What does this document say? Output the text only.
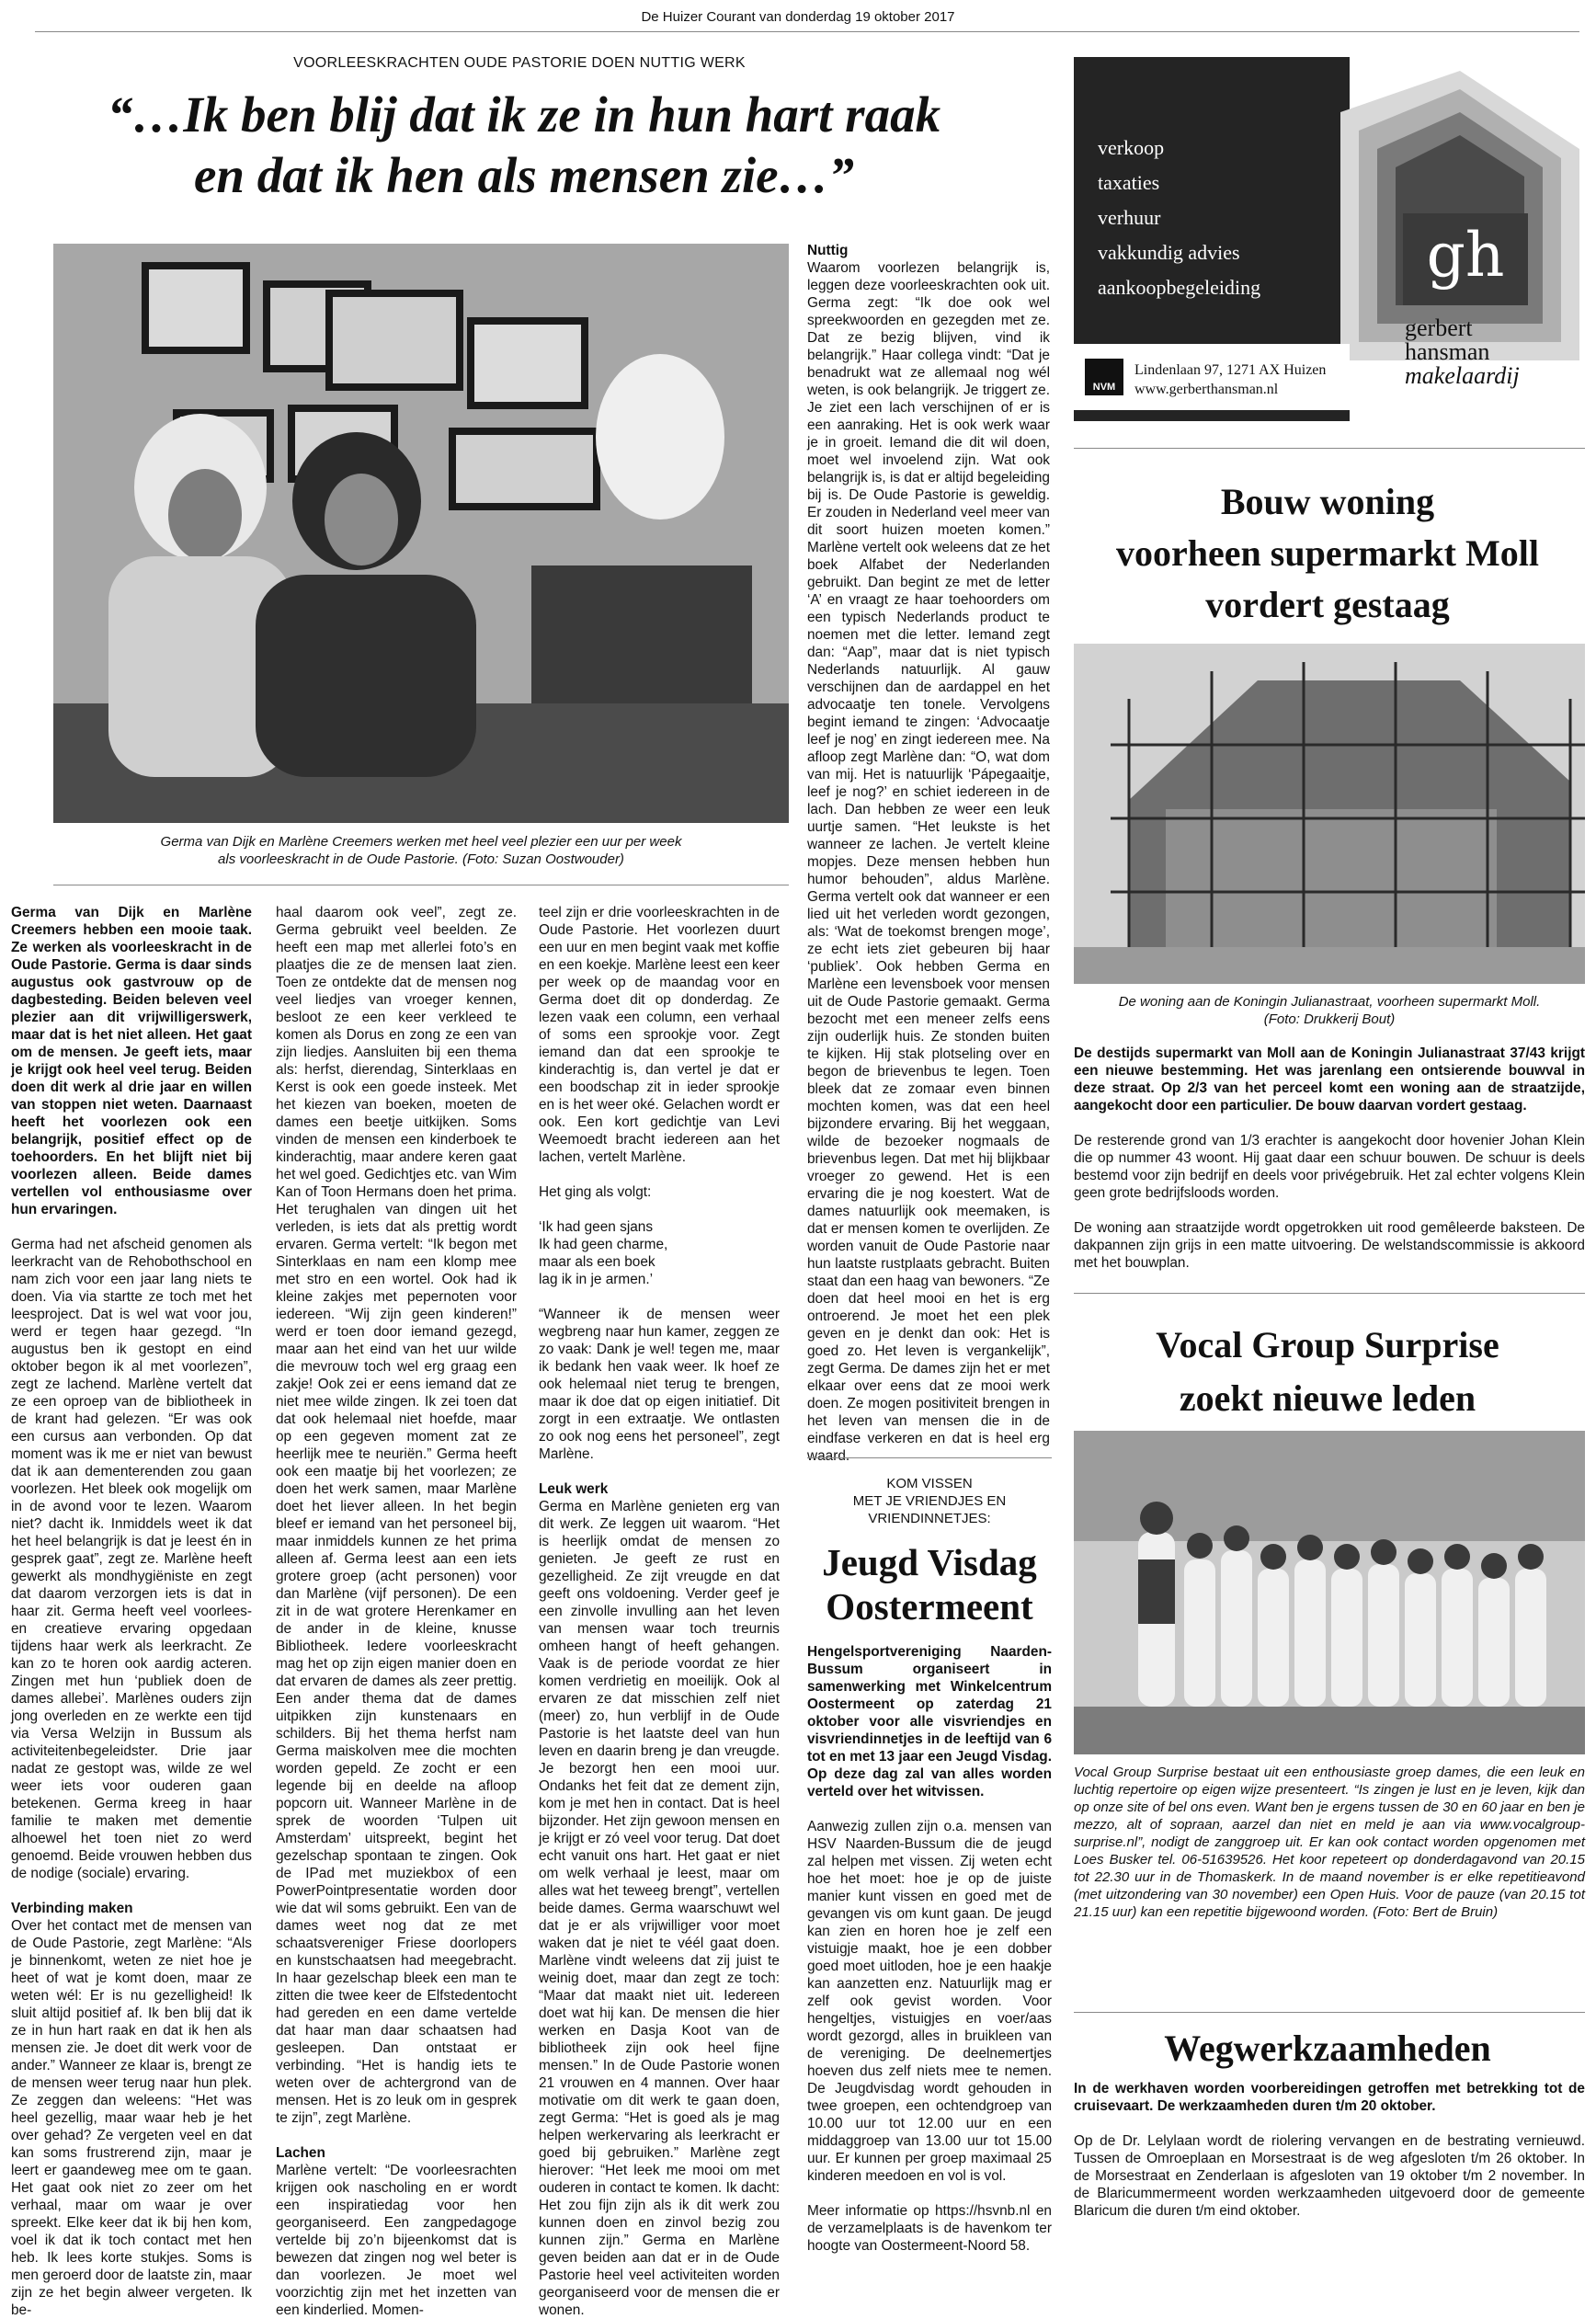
De Huizer Courant van donderdag 19 oktober 2017
VOORLEESKRACHTEN OUDE PASTORIE DOEN NUTTIG WERK
“…Ik ben blij dat ik ze in hun hart raak
en dat ik hen als mensen zie…”
Germa van Dijk en Marlène Creemers werken met heel veel plezier een uur per week
als voorleeskracht in de Oude Pastorie. (Foto: Suzan Oostwouder)

Germa van Dijk en Marlène Creemers hebben een mooie taak. Ze werken als voorleeskracht in de Oude Pastorie. Germa is daar sinds augustus ook gastvrouw op de dagbesteding. Beiden beleven veel plezier aan dit vrijwilligerswerk, maar dat is het niet alleen. Het gaat om de mensen. Je geeft iets, maar je krijgt ook heel veel terug. Beiden doen dit werk al drie jaar en willen van stoppen niet weten. Daarnaast heeft het voorlezen ook een belangrijk, positief effect op de toehoorders. En het blijft niet bij voorlezen alleen. Beide dames vertellen vol enthousiasme over hun ervaringen.

Germa had net afscheid genomen als leerkracht van de Rehobothschool en nam zich voor een jaar lang niets te doen. Via via startte ze toch met het leesproject. Dat is wel wat voor jou, werd er tegen haar gezegd. “In augustus ben ik gestopt en eind oktober begon ik al met voorlezen”, zegt ze lachend. Marlène vertelt dat ze een oproep van de bibliotheek in de krant had gelezen. “Er was ook een cursus aan verbonden. Op dat moment was ik me er niet van bewust dat ik aan dementerenden zou gaan voorlezen. Het bleek ook mogelijk om in de avond voor te lezen. Waarom niet? dacht ik. Inmiddels weet ik dat het heel belangrijk is dat je leest én in gesprek gaat”, zegt ze. Marlène heeft gewerkt als mondhygiëniste en zegt dat daarom verzorgen iets is dat in haar zit. Germa heeft veel voorlees- en creatieve ervaring opgedaan tijdens haar werk als leerkracht. Ze kan zo te horen ook aardig acteren. Zingen met hun ‘publiek doen de dames allebei’. Marlènes ouders zijn jong overleden en ze werkte een tijd via Versa Welzijn in Bussum als activiteitenbegeleidster. Drie jaar nadat ze gestopt was, wilde ze wel weer iets voor ouderen gaan betekenen. Germa kreeg in haar familie te maken met dementie alhoewel het toen niet zo werd genoemd. Beide vrouwen hebben dus de nodige (sociale) ervaring.

Verbinding maken

Over het contact met de mensen van de Oude Pastorie, zegt Marlène: “Als je binnenkomt, weten ze niet hoe je heet of wat je komt doen, maar ze weten wél: Er is nu gezelligheid! Ik sluit altijd positief af. Ik ben blij dat ik ze in hun hart raak en dat ik hen als mensen zie. Je doet dit werk voor de ander.” Wanneer ze klaar is, brengt ze de mensen weer terug naar hun plek. Ze zeggen dan weleens: “Het was heel gezellig, maar waar heb je het over gehad? Ze vergeten veel en dat kan soms frustrerend zijn, maar je leert er gaandeweg mee om te gaan. Het gaat ook niet zo zeer om het verhaal, maar om waar je over spreekt. Elke keer dat ik bij hen kom, voel ik dat ik toch contact met hen heb. Ik lees korte stukjes. Soms is men geroerd door de laatste zin, maar zijn ze het begin alweer vergeten. Ik be-

haal daarom ook veel”, zegt ze. Germa gebruikt veel beelden. Ze heeft een map met allerlei foto’s en plaatjes die ze de mensen laat zien. Toen ze ontdekte dat de mensen nog veel liedjes van vroeger kennen, besloot ze een keer verkleed te komen als Dorus en zong ze een van zijn liedjes. Aansluiten bij een thema als: herfst, dierendag, Sinterklaas en Kerst is ook een goede insteek. Met het kiezen van boeken, moeten de dames een beetje uitkijken. Soms vinden de mensen een kinderboek te kinderachtig, maar andere keren gaat het wel goed. Gedichtjes etc. van Wim Kan of Toon Hermans doen het prima. Het terughalen van dingen uit het verleden, is iets dat als prettig wordt ervaren. Germa vertelt: “Ik begon met Sinterklaas en nam een klomp mee met stro en een wortel. Ook had ik kleine zakjes met pepernoten voor iedereen. “Wij zijn geen kinderen!” werd er toen door iemand gezegd, maar aan het eind van het uur wilde die mevrouw toch wel erg graag een zakje! Ook zei er eens iemand dat ze niet mee wilde zingen. Ik zei toen dat dat ook helemaal niet hoefde, maar op een gegeven moment zat ze heerlijk mee te neuriën.” Germa heeft ook een maatje bij het voorlezen; ze doen het werk samen, maar Marlène doet het liever alleen. In het begin bleef er iemand van het personeel bij, maar inmiddels kunnen ze het prima alleen af. Germa leest aan een iets grotere groep (acht personen) voor dan Marlène (vijf personen). De een zit in de wat grotere Herenkamer en de ander in de kleine, knusse Bibliotheek. Iedere voorleeskracht mag het op zijn eigen manier doen en dat ervaren de dames als zeer prettig. Een ander thema dat de dames uitpikken zijn kunstenaars en schilders. Bij het thema herfst nam Germa maiskolven mee die mochten worden gepeld. Ze zocht er een legende bij en deelde na afloop popcorn uit. Wanneer Marlène in de sprek de woorden ‘Tulpen uit Amsterdam’ uitspreekt, begint het gezelschap spontaan te zingen. Ook de IPad met muziekbox of een PowerPointpresentatie worden door wie dat wil soms gebruikt. Een van de dames weet nog dat ze met schaatsvereniger Friese doorlopers en kunstschaatsen had meegebracht. In haar gezelschap bleek een man te zitten die twee keer de Elfstedentocht had gereden en een dame vertelde dat haar man daar schaatsen had gesleepen. Dan ontstaat er verbinding. “Het is handig iets te weten over de achtergrond van de mensen. Het is zo leuk om in gesprek te zijn”, zegt Marlène.

Lachen

Marlène vertelt: “De voorleesrachten krijgen ook nascholing en er wordt een inspiratiedag voor hen georganiseerd. Een zangpedagoge vertelde bij zo’n bijeenkomst dat is bewezen dat zingen nog wel beter is dan voorlezen. Je moet wel voorzichtig zijn met het inzetten van een kinderlied. Momen-

teel zijn er drie voorleeskrachten in de Oude Pastorie. Het voorlezen duurt een uur en men begint vaak met koffie en een koekje. Marlène leest een keer per week op de maandag voor en Germa doet dit op donderdag. Ze lezen vaak een column, een verhaal of soms een sprookje voor. Zegt iemand dan dat een sprookje te kinderachtig is, dan vertel je dat er een boodschap zit in ieder sprookje en is het weer oké. Gelachen wordt er ook. Een kort gedichtje van Levi Weemoedt bracht iedereen aan het lachen, vertelt Marlène.

Het ging als volgt:

‘Ik had geen sjans
Ik had geen charme,
maar als een boek
lag ik in je armen.’

“Wanneer ik de mensen weer wegbreng naar hun kamer, zeggen ze zo vaak: Dank je wel! tegen me, maar ik bedank hen vaak weer. Ik hoef ze ook helemaal niet terug te brengen, maar ik doe dat op eigen initiatief. Dit zorgt in een extraatje. We ontlasten zo ook nog eens het personeel”, zegt Marlène.

Leuk werk

Germa en Marlène genieten erg van dit werk. Ze leggen uit waarom. “Het is heerlijk omdat de mensen zo genieten. Je geeft ze rust en gezelligheid. Ze zijt vreugde en dat geeft ons voldoening. Verder geef je een zinvolle invulling aan het leven van mensen waar toch treurnis omheen hangt of heeft gehangen. Vaak is de periode voordat ze hier komen verdrietig en moeilijk. Ook al ervaren ze dat misschien zelf niet (meer) zo, hun verblijf in de Oude Pastorie is het laatste deel van hun leven en daarin breng je dan vreugde. Je bezorgt hen een mooi uur. Ondanks het feit dat ze dement zijn, kom je met hen in contact. Dat is heel bijzonder. Het zijn gewoon mensen en je krijgt er zó veel voor terug. Dat doet echt vanuit ons hart. Het gaat er niet om welk verhaal je leest, maar om alles wat het teweeg brengt”, vertellen beide dames. Germa waarschuwt wel dat je er als vrijwilliger voor moet waken dat je niet te véél gaat doen. Marlène vindt weleens dat zij juist te weinig doet, maar dan zegt ze toch: “Maar dat maakt niet uit. Iedereen doet wat hij kan. De mensen die hier werken en Dasja Koot van de bibliotheek zijn ook heel fijne mensen.” In de Oude Pastorie wonen 21 vrouwen en 4 mannen. Over haar motivatie om dit werk te gaan doen, zegt Germa: “Het is goed als je mag helpen werkervaring als leerkracht er goed bij gebruiken.” Marlène zegt hierover: “Het leek me mooi om met ouderen in contact te komen. Ik dacht: Het zou fijn zijn als ik dit werk zou kunnen doen en zinvol bezig zou kunnen zijn.” Germa en Marlène geven beiden aan dat er in de Oude Pastorie heel veel activiteiten worden georganiseerd voor de mensen die er wonen.

Nuttig

Waarom voorlezen belangrijk is, leggen deze voorleeskrachten ook uit. Germa zegt: “Ik doe ook wel spreekwoorden en gezegden met ze. Dat ze bezig blijven, vind ik belangrijk.” Haar collega vindt: “Dat je benadrukt wat ze allemaal nog wél weten, is ook belangrijk. Je triggert ze. Je ziet een lach verschijnen of er is een aanraking. Het is ook werk waar je in groeit. Iemand die dit wil doen, moet wel invoelend zijn. Wat ook belangrijk is, is dat er altijd begeleiding bij is. De Oude Pastorie is geweldig. Er zouden in Nederland veel meer van dit soort huizen moeten komen.” Marlène vertelt ook weleens dat ze het boek Alfabet der Nederlanden gebruikt. Dan begint ze met de letter ‘A’ en vraagt ze haar toehoorders om een typisch Nederlands product te noemen met die letter. Iemand zegt dan: “Aap”, maar dat is niet typisch Nederlands natuurlijk. Al gauw verschijnen dan de aardappel en het advocaatje ten tonele. Vervolgens begint iemand te zingen: ‘Advocaatje leef je nog’ en zingt iedereen mee. Na afloop zegt Marlène dan: “O, wat dom van mij. Het is natuurlijk ‘Pápegaaitje, leef je nog?’ en schiet iedereen in de lach. Dan hebben ze weer een leuk uurtje samen. “Het leukste is het wanneer ze lachen. Je vertelt kleine mopjes. Deze mensen hebben hun humor behouden”, aldus Marlène. Germa vertelt ook dat wanneer er een lied uit het verleden wordt gezongen, als: ‘Wat de toekomst brengen moge’, ze echt iets ziet gebeuren bij haar ‘publiek’. Ook hebben Germa en Marlène een levensboek voor mensen uit de Oude Pastorie gemaakt. Germa bezocht met een meneer zelfs eens zijn ouderlijk huis. Ze stonden buiten te kijken. Hij stak plotseling over en begon de brievenbus te legen. Toen bleek dat ze zomaar even binnen mochten komen, was dat een heel bijzondere ervaring. Bij het weggaan, wilde de bezoeker nogmaals de brievenbus legen. Dat met hij blijkbaar vroeger zo gewend. Het is een ervaring die je nog koestert. Wat de dames natuurlijk ook meemaken, is dat er mensen komen te overlijden. Ze worden vanuit de Oude Pastorie naar hun laatste rustplaats gebracht. Buiten staat dan een haag van bewoners. “Ze doen dat heel mooi en het is erg ontroerend. Je moet het een plek geven en je denkt dan ook: Het is goed zo. Het leven is vergankelijk”, zegt Germa. De dames zijn het er met elkaar over eens dat ze mooi werk doen. Ze mogen positiviteit brengen in het leven van mensen die in de eindfase verkeren en dat is heel erg waard.

KOM VISSEN
MET JE VRIENDJES EN
VRIENDINNETJES:
Jeugd Visdag
Oostermeent

Hengelsportvereniging Naarden-Bussum organiseert in samenwerking met Winkelcentrum Oostermeent op zaterdag 21 oktober voor alle visvriendjes en visvriendinnetjes in de leeftijd van 6 tot en met 13 jaar een Jeugd Visdag. Op deze dag zal van alles worden verteld over het witvissen.

Aanwezig zullen zijn o.a. mensen van HSV Naarden-Bussum die de jeugd zal helpen met vissen. Zij weten echt hoe het moet: hoe je op de juiste manier kunt vissen en goed met de gevangen vis om kunt gaan. De jeugd kan zien en horen hoe je zelf een vistuigje maakt, hoe je een dobber goed moet uitloden, hoe je een haakje kan aanzetten enz. Natuurlijk mag er zelf ook gevist worden. Voor hengeltjes, vistuigjes en voer/aas wordt gezorgd, alles in bruikleen van de vereniging. De deelnemertjes hoeven dus zelf niets mee te nemen. De Jeugdvisdag wordt gehouden in twee groepen, een ochtendgroep van 10.00 uur tot 12.00 uur en een middaggroep van 13.00 uur tot 15.00 uur. Er kunnen per groep maximaal 25 kinderen meedoen en vol is vol.

Meer informatie op https://hsvnb.nl en de verzamelplaats is de havenkom ter hoogte van Oostermeent-Noord 58.

verkoop
taxaties
verhuur
vakkundig advies
aankoopbegeleiding
NVM
Lindenlaan 97, 1271 AX Huizen
www.gerberthansman.nl
gh
gerbert
hansman
makelaardij
Bouw woning
voorheen supermarkt Moll
vordert gestaag
De woning aan de Koningin Julianastraat, voorheen supermarkt Moll.
(Foto: Drukkerij Bout)

De destijds supermarkt van Moll aan de Koningin Julianastraat 37/43 krijgt een nieuwe bestemming. Het was jarenlang een ontsierende bouwval in deze straat. Op 2/3 van het perceel komt een woning aan de straatzijde, aangekocht door een particulier. De bouw daarvan vordert gestaag.

De resterende grond van 1/3 erachter is aangekocht door hovenier Johan Klein die op nummer 43 woont. Hij gaat daar een schuur bouwen. De schuur is deels bestemd voor zijn bedrijf en deels voor privégebruik. Het zal echter volgens Klein geen grote bedrijfsloods worden.

De woning aan straatzijde wordt opgetrokken uit rood gemêleerde baksteen. De dakpannen zijn grijs in een matte uitvoering. De welstandscommissie is akkoord met het bouwplan.

Vocal Group Surprise
zoekt nieuwe leden

Vocal Group Surprise bestaat uit een enthousiaste groep dames, die een leuk en luchtig repertoire op eigen wijze presenteert. “Is zingen je lust en je leven, kijk dan op onze site of bel ons even. Want ben je ergens tussen de 30 en 60 jaar en ben je mezzo, alt of sopraan, aarzel dan niet en meld je aan via www.vocalgroup-surprise.nl”, nodigt de zanggroep uit. Er kan ook contact worden opgenomen met Loes Busker tel. 06-51639526. Het koor repeteert op donderdagavond van 20.15 tot 22.30 uur in de Thomaskerk. In de maand november is er elke repetitieavond (met uitzondering van 30 november) een Open Huis. Voor de pauze (van 20.15 tot 21.15 uur) kan een repetitie bijgewoond worden. (Foto: Bert de Bruin)

Wegwerkzaamheden

In de werkhaven worden voorbereidingen getroffen met betrekking tot de cruisevaart. De werkzaamheden duren t/m 20 oktober.

Op de Dr. Lelylaan wordt de riolering vervangen en de bestrating vernieuwd. Tussen de Omroeplaan en Morsestraat is de weg afgesloten t/m 26 oktober. In de Morsestraat en Zenderlaan is afgesloten van 19 oktober t/m 2 november. In de Blaricummermeent worden werkzaamheden uitgevoerd door de gemeente Blaricum die duren t/m eind oktober.
